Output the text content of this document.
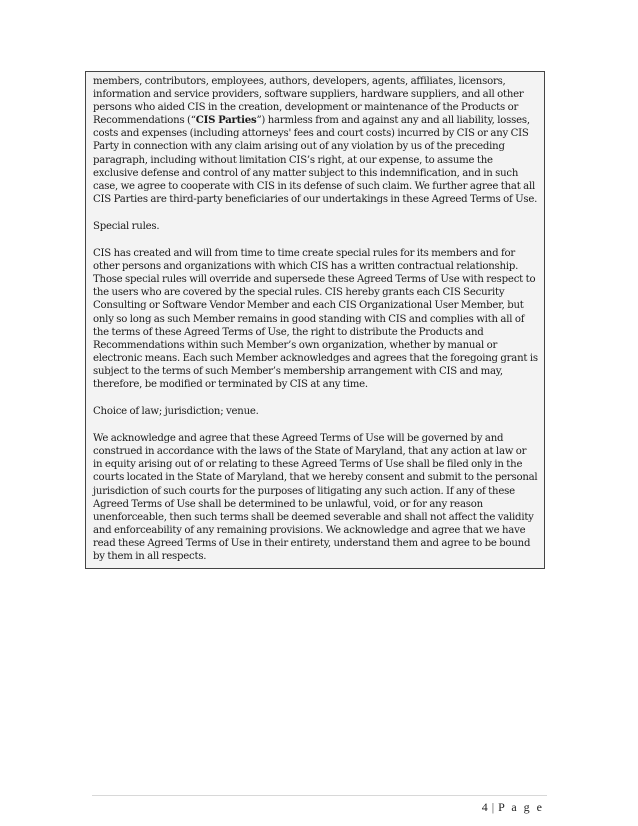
members, contributors, employees, authors, developers, agents, affiliates, licensors, information and service providers, software suppliers, hardware suppliers, and all other persons who aided CIS in the creation, development or maintenance of the Products or Recommendations (“CIS Parties”) harmless from and against any and all liability, losses, costs and expenses (including attorneys' fees and court costs) incurred by CIS or any CIS Party in connection with any claim arising out of any violation by us of the preceding paragraph, including without limitation CIS’s right, at our expense, to assume the exclusive defense and control of any matter subject to this indemnification, and in such case, we agree to cooperate with CIS in its defense of such claim. We further agree that all CIS Parties are third-party beneficiaries of our undertakings in these Agreed Terms of Use.

Special rules.

CIS has created and will from time to time create special rules for its members and for other persons and organizations with which CIS has a written contractual relationship. Those special rules will override and supersede these Agreed Terms of Use with respect to the users who are covered by the special rules. CIS hereby grants each CIS Security Consulting or Software Vendor Member and each CIS Organizational User Member, but only so long as such Member remains in good standing with CIS and complies with all of the terms of these Agreed Terms of Use, the right to distribute the Products and Recommendations within such Member’s own organization, whether by manual or electronic means. Each such Member acknowledges and agrees that the foregoing grant is subject to the terms of such Member’s membership arrangement with CIS and may, therefore, be modified or terminated by CIS at any time.

Choice of law; jurisdiction; venue.

We acknowledge and agree that these Agreed Terms of Use will be governed by and construed in accordance with the laws of the State of Maryland, that any action at law or in equity arising out of or relating to these Agreed Terms of Use shall be filed only in the courts located in the State of Maryland, that we hereby consent and submit to the personal jurisdiction of such courts for the purposes of litigating any such action. If any of these Agreed Terms of Use shall be determined to be unlawful, void, or for any reason unenforceable, then such terms shall be deemed severable and shall not affect the validity and enforceability of any remaining provisions. We acknowledge and agree that we have read these Agreed Terms of Use in their entirety, understand them and agree to be bound by them in all respects.

4 | P a g e
